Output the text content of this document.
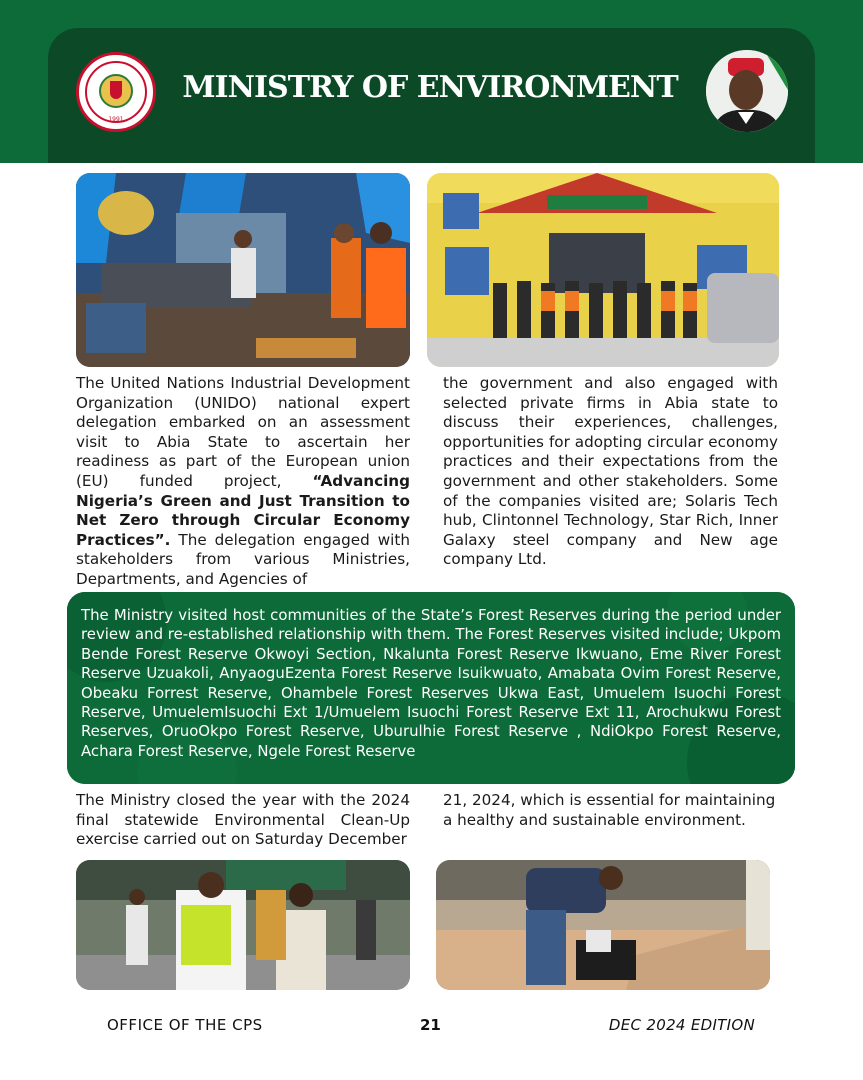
1991
MINISTRY OF ENVIRONMENT
The United Nations Industrial Development Organization (UNIDO) national expert delegation embarked on an assessment visit to Abia State to ascertain her readiness as part of the European union (EU) funded project, “Advancing Nigeria’s Green and Just Transition to Net Zero through Circular Economy Practices”. The delegation engaged with stakeholders from various Ministries, Departments, and Agencies of
the government and also engaged with selected private firms in Abia state to discuss their experiences, challenges, opportunities for adopting circular economy practices and their expectations from the government and other stakeholders. Some of the companies visited are; Solaris Tech hub, Clintonnel Technology, Star Rich, Inner Galaxy steel company and New age company Ltd.
The Ministry visited host communities of the State’s Forest Reserves during the period under review and re-established relationship with them. The Forest Reserves visited include; Ukpom Bende Forest Reserve Okwoyi Section, Nkalunta Forest Reserve Ikwuano, Eme River Forest Reserve Uzuakoli, AnyaoguEzenta Forest Reserve Isuikwuato, Amabata Ovim Forest Reserve, Obeaku Forrest Reserve, Ohambele Forest Reserves Ukwa East, Umuelem Isuochi Forest Reserve, UmuelemIsuochi Ext 1/Umuelem Isuochi Forest Reserve Ext 11, Arochukwu Forest Reserves, OruoOkpo Forest Reserve, Uburulhie Forest Reserve , NdiOkpo Forest Reserve, Achara Forest Reserve, Ngele Forest Reserve
The Ministry closed the year with the 2024 final statewide Environmental Clean-Up exercise carried out on Saturday December
21, 2024, which is essential for maintaining a healthy and sustainable environment.
OFFICE OF THE CPS	21	DEC 2024 EDITION
